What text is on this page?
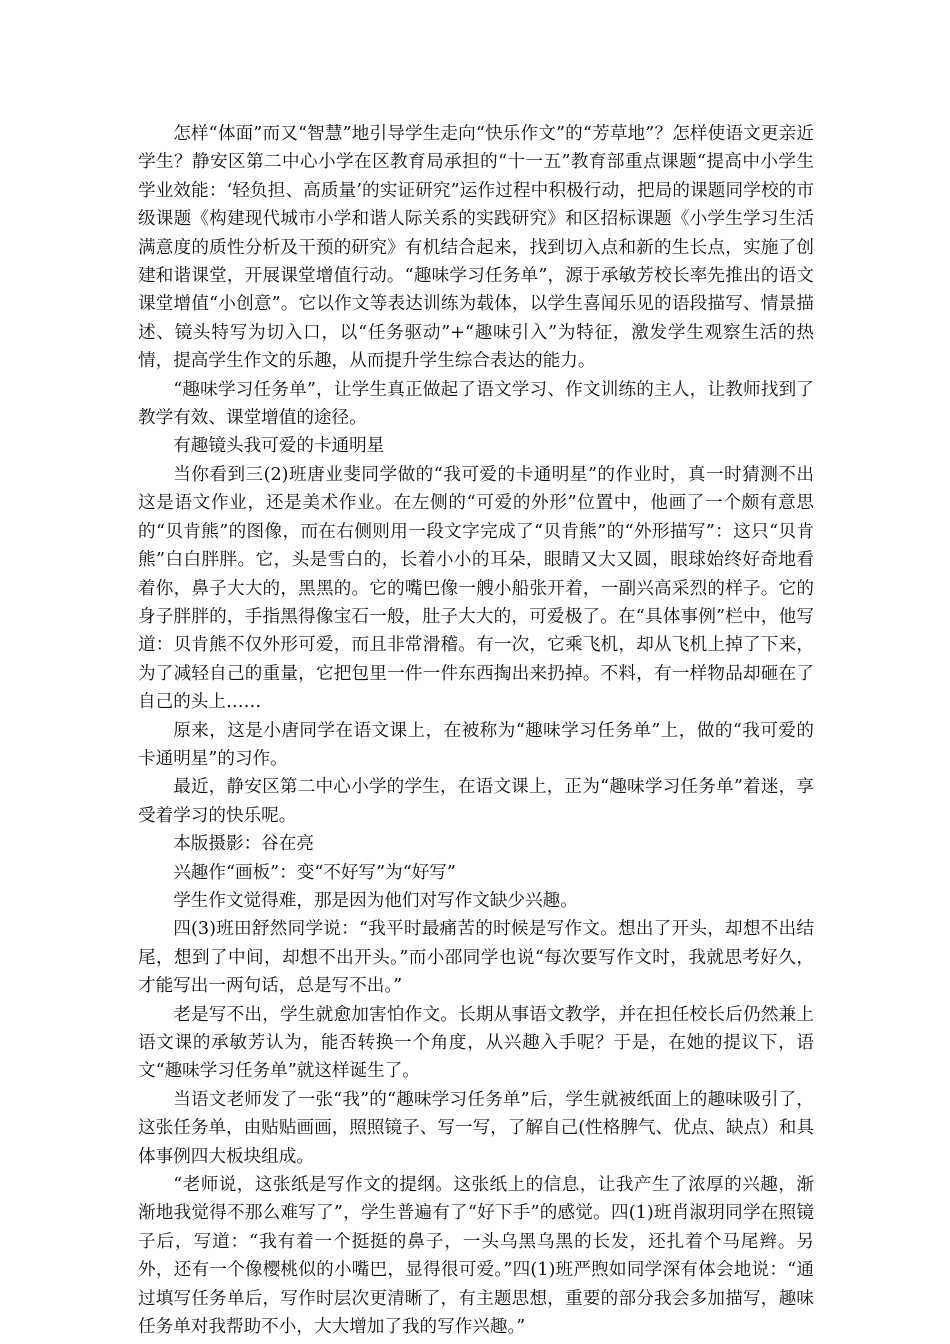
怎样“体面”而又“智慧”地引导学生走向“快乐作文”的“芳草地”？怎样使语文更亲近学生？静安区第二中心小学在区教育局承担的“十一五”教育部重点课题“提高中小学生学业效能：‘轻负担、高质量’的实证研究”运作过程中积极行动，把局的课题同学校的市级课题《构建现代城市小学和谐人际关系的实践研究》和区招标课题《小学生学习生活满意度的质性分析及干预的研究》有机结合起来，找到切入点和新的生长点，实施了创建和谐课堂，开展课堂增值行动。“趣味学习任务单”，源于承敏芳校长率先推出的语文课堂增值“小创意”。它以作文等表达训练为载体，以学生喜闻乐见的语段描写、情景描述、镜头特写为切入口，以“任务驱动”+“趣味引入”为特征，激发学生观察生活的热情，提高学生作文的乐趣，从而提升学生综合表达的能力。

“趣味学习任务单”，让学生真正做起了语文学习、作文训练的主人，让教师找到了教学有效、课堂增值的途径。

有趣镜头我可爱的卡通明星

当你看到三(2)班唐业斐同学做的“我可爱的卡通明星”的作业时，真一时猜测不出这是语文作业，还是美术作业。在左侧的“可爱的外形”位置中，他画了一个颇有意思的“贝肯熊”的图像，而在右侧则用一段文字完成了“贝肯熊”的“外形描写”：这只“贝肯熊”白白胖胖。它，头是雪白的，长着小小的耳朵，眼睛又大又圆，眼球始终好奇地看着你，鼻子大大的，黑黑的。它的嘴巴像一艘小船张开着，一副兴高采烈的样子。它的身子胖胖的，手指黑得像宝石一般，肚子大大的，可爱极了。在“具体事例”栏中，他写道：贝肯熊不仅外形可爱，而且非常滑稽。有一次，它乘飞机，却从飞机上掉了下来，为了减轻自己的重量，它把包里一件一件东西掏出来扔掉。不料，有一样物品却砸在了自己的头上……

原来，这是小唐同学在语文课上，在被称为“趣味学习任务单”上，做的“我可爱的卡通明星”的习作。

最近，静安区第二中心小学的学生，在语文课上，正为“趣味学习任务单”着迷，享受着学习的快乐呢。

本版摄影：谷在亮

兴趣作“画板”：变“不好写”为“好写”

学生作文觉得难，那是因为他们对写作文缺少兴趣。

四(3)班田舒然同学说：“我平时最痛苦的时候是写作文。想出了开头，却想不出结尾，想到了中间，却想不出开头。”而小邵同学也说“每次要写作文时，我就思考好久，才能写出一两句话，总是写不出。”

老是写不出，学生就愈加害怕作文。长期从事语文教学，并在担任校长后仍然兼上语文课的承敏芳认为，能否转换一个角度，从兴趣入手呢？于是，在她的提议下，语文“趣味学习任务单”就这样诞生了。

当语文老师发了一张“我”的“趣味学习任务单”后，学生就被纸面上的趣味吸引了，这张任务单，由贴贴画画，照照镜子、写一写，了解自己(性格脾气、优点、缺点）和具体事例四大板块组成。

“老师说，这张纸是写作文的提纲。这张纸上的信息，让我产生了浓厚的兴趣，渐渐地我觉得不那么难写了”，学生普遍有了“好下手”的感觉。四(1)班肖淑玥同学在照镜子后，写道：“我有着一个挺挺的鼻子，一头乌黑乌黑的长发，还扎着个马尾辫。另外，还有一个像樱桃似的小嘴巴，显得很可爱。”四(1)班严煦如同学深有体会地说：“通过填写任务单后，写作时层次更清晰了，有主题思想，重要的部分我会多加描写，趣味任务单对我帮助不小，大大增加了我的写作兴趣。”
